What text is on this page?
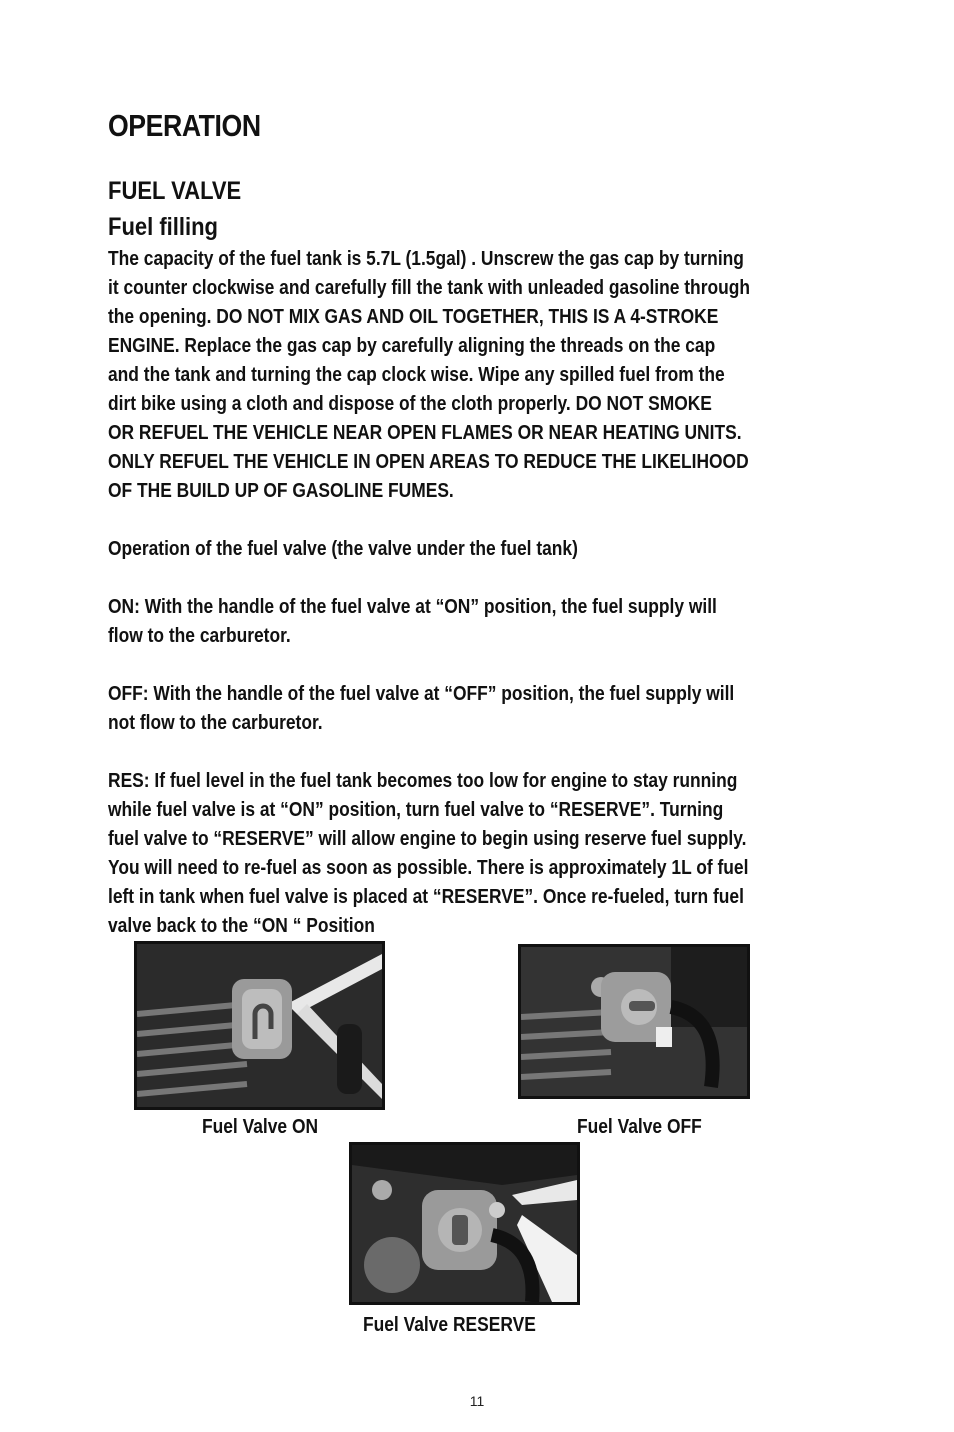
OPERATION
FUEL VALVE
Fuel filling
The capacity of the fuel tank is 5.7L (1.5gal) . Unscrew the gas cap by turning
it counter clockwise and carefully fill the tank with unleaded gasoline through
the opening. DO NOT MIX GAS AND OIL TOGETHER, THIS IS A 4-STROKE
ENGINE. Replace the gas cap by carefully aligning the threads on the cap
and the tank and turning the cap clock wise. Wipe any spilled fuel from the
dirt bike using a cloth and dispose of the cloth properly. DO NOT SMOKE
OR REFUEL THE VEHICLE NEAR OPEN FLAMES OR NEAR HEATING UNITS.
ONLY REFUEL THE VEHICLE IN OPEN AREAS TO REDUCE THE LIKELIHOOD
OF THE BUILD UP OF GASOLINE FUMES.
Operation of the fuel valve (the valve under the fuel tank)
ON: With the handle of the fuel valve at “ON” position, the fuel supply will
flow to the carburetor.
OFF: With the handle of the fuel valve at “OFF” position, the fuel supply will
not flow to the carburetor.
RES: If fuel level in the fuel tank becomes too low for engine to stay running
while fuel valve is at “ON” position, turn fuel valve to “RESERVE”. Turning
fuel valve to “RESERVE” will allow engine to begin using reserve fuel supply.
You will need to re-fuel as soon as possible. There is approximately 1L of fuel
left in tank when fuel valve is placed at “RESERVE”. Once re-fueled, turn fuel
valve back to the “ON “ Position
Fuel Valve ON	Fuel Valve OFF
Fuel Valve RESERVE
11
